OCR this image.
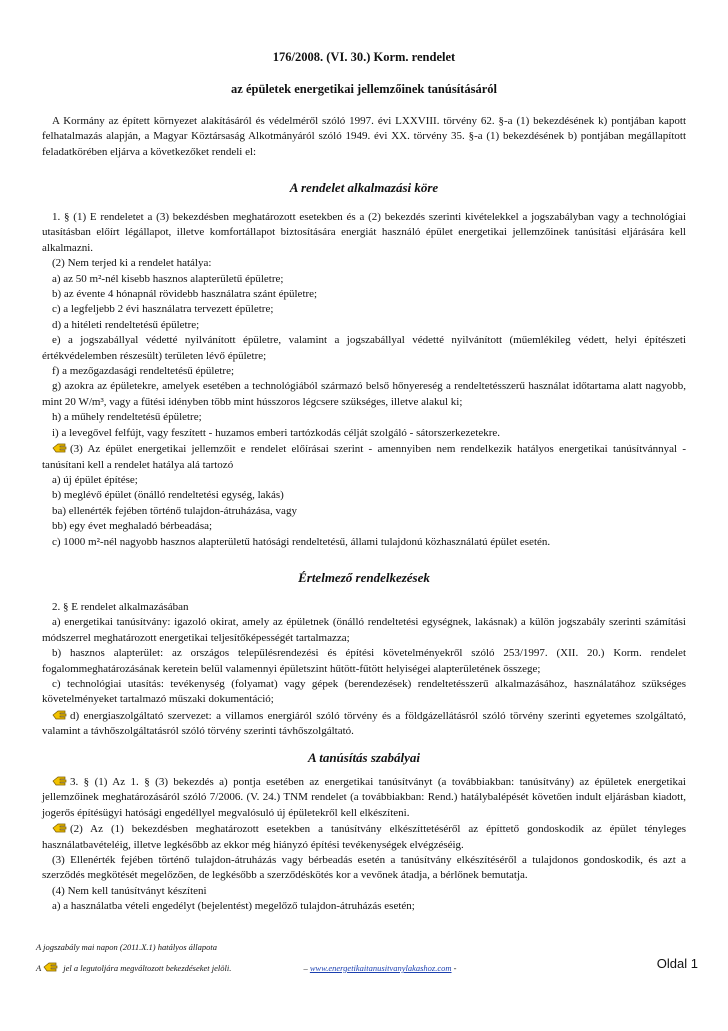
176/2008. (VI. 30.) Korm. rendelet
az épületek energetikai jellemzőinek tanúsításáról

A Kormány az épített környezet alakításáról és védelméről szóló 1997. évi LXXVIII. törvény 62. §-a (1) bekezdésének k) pontjában kapott felhatalmazás alapján, a Magyar Köztársaság Alkotmányáról szóló 1949. évi XX. törvény 35. §-a (1) bekezdésének b) pontjában megállapított feladatkörében eljárva a következőket rendeli el:

A rendelet alkalmazási köre

1. § (1) E rendeletet a (3) bekezdésben meghatározott esetekben és a (2) bekezdés szerinti kivételekkel a jogszabályban vagy a technológiai utasításban előírt légállapot, illetve komfortállapot biztosítására energiát használó épület energetikai jellemzőinek tanúsítási eljárására kell alkalmazni.

(2) Nem terjed ki a rendelet hatálya:

a) az 50 m²-nél kisebb hasznos alapterületű épületre;

b) az évente 4 hónapnál rövidebb használatra szánt épületre;

c) a legfeljebb 2 évi használatra tervezett épületre;

d) a hitéleti rendeltetésű épületre;

e) a jogszabállyal védetté nyilvánított épületre, valamint a jogszabállyal védetté nyilvánított (műemlékileg védett, helyi építészeti értékvédelemben részesült) területen lévő épületre;

f) a mezőgazdasági rendeltetésű épületre;

g) azokra az épületekre, amelyek esetében a technológiából származó belső hőnyereség a rendeltetésszerű használat időtartama alatt nagyobb, mint 20 W/m³, vagy a fűtési idényben több mint hússzoros légcsere szükséges, illetve alakul ki;

h) a műhely rendeltetésű épületre;

i) a levegővel felfújt, vagy feszített - huzamos emberi tartózkodás célját szolgáló - sátorszerkezetekre.

(3) Az épület energetikai jellemzőit e rendelet előírásai szerint - amennyiben nem rendelkezik hatályos energetikai tanúsítvánnyal - tanúsítani kell a rendelet hatálya alá tartozó

a) új épület építése;

b) meglévő épület (önálló rendeltetési egység, lakás)

ba) ellenérték fejében történő tulajdon-átruházása, vagy

bb) egy évet meghaladó bérbeadása;

c) 1000 m²-nél nagyobb hasznos alapterületű hatósági rendeltetésű, állami tulajdonú közhasználatú épület esetén.

Értelmező rendelkezések

2. § E rendelet alkalmazásában

a) energetikai tanúsítvány: igazoló okirat, amely az épületnek (önálló rendeltetési egységnek, lakásnak) a külön jogszabály szerinti számítási módszerrel meghatározott energetikai teljesítőképességét tartalmazza;

b) hasznos alapterület: az országos településrendezési és építési követelményekről szóló 253/1997. (XII. 20.) Korm. rendelet fogalommeghatározásának keretein belül valamennyi épületszint hűtött-fűtött helyiségei alapterületének összege;

c) technológiai utasítás: tevékenység (folyamat) vagy gépek (berendezések) rendeltetésszerű alkalmazásához, használatához szükséges követelményeket tartalmazó műszaki dokumentáció;

d) energiaszolgáltató szervezet: a villamos energiáról szóló törvény és a földgázellátásról szóló törvény szerinti egyetemes szolgáltató, valamint a távhőszolgáltatásról szóló törvény szerinti távhőszolgáltató.

A tanúsítás szabályai

3. § (1) Az 1. § (3) bekezdés a) pontja esetében az energetikai tanúsítványt (a továbbiakban: tanúsítvány) az épületek energetikai jellemzőinek meghatározásáról szóló 7/2006. (V. 24.) TNM rendelet (a továbbiakban: Rend.) hatálybalépését követően indult eljárásban kiadott, jogerős építésügyi hatósági engedéllyel megvalósuló új épületekről kell elkészíteni.

(2) Az (1) bekezdésben meghatározott esetekben a tanúsítvány elkészíttetéséről az építtető gondoskodik az épület tényleges használatbavételéig, illetve legkésőbb az ekkor még hiányzó építési tevékenységek elvégzéséig.

(3) Ellenérték fejében történő tulajdon-átruházás vagy bérbeadás esetén a tanúsítvány elkészítéséről a tulajdonos gondoskodik, és azt a szerződés megkötését megelőzően, de legkésőbb a szerződéskötés kor a vevőnek átadja, a bérlőnek bemutatja.

(4) Nem kell tanúsítványt készíteni

a) a használatba vételi engedélyt (bejelentést) megelőző tulajdon-átruházás esetén;

A jogszabály mai napon (2011.X.1) hatályos állapota
A	jel a legutoljára megváltozott bekezdéseket jelöli.	– www.energetikaitanusitvanylakashoz.com -	Oldal 1
